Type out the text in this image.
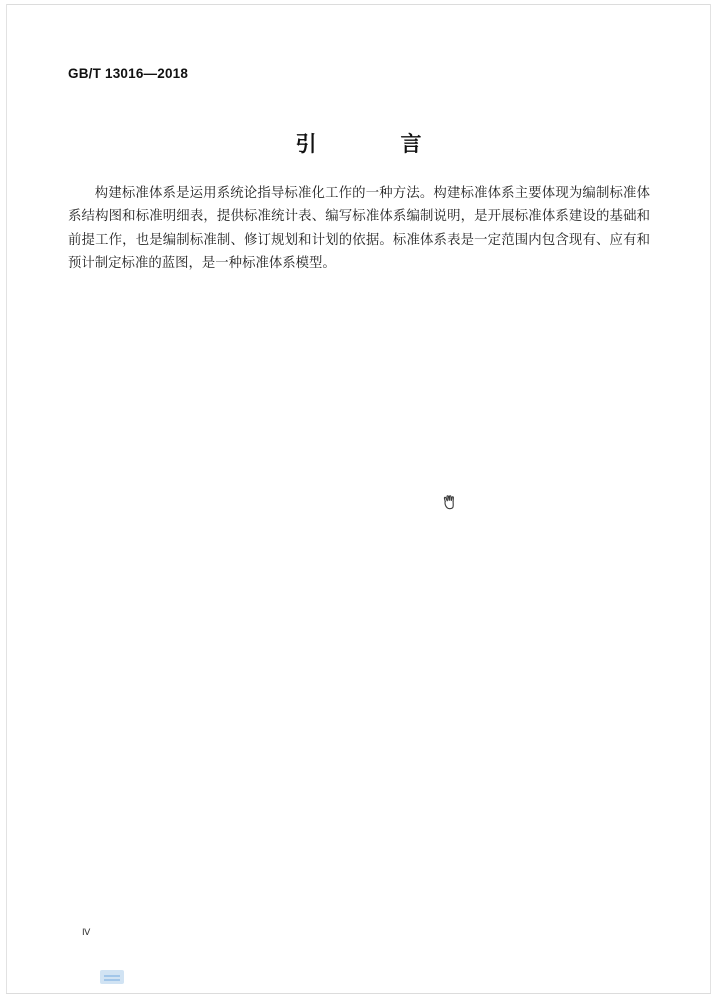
GB/T 13016—2018
引　　言

构建标准体系是运用系统论指导标准化工作的一种方法。构建标准体系主要体现为编制标准体系结构图和标准明细表，提供标准统计表、编写标准体系编制说明，是开展标准体系建设的基础和前提工作，也是编制标准制、修订规划和计划的依据。标准体系表是一定范围内包含现有、应有和预计制定标准的蓝图，是一种标准体系模型。

Ⅳ
